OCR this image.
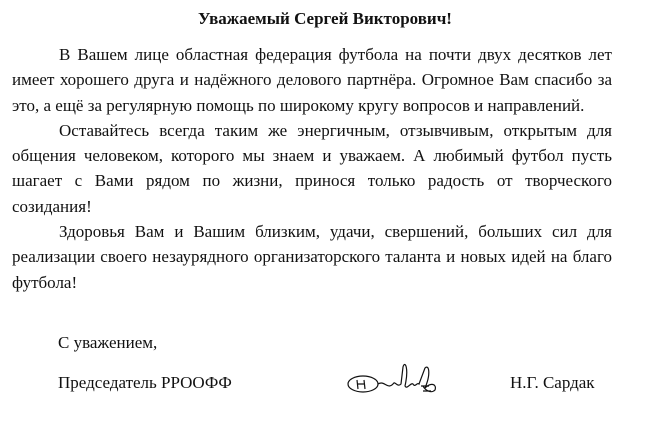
Уважаемый Сергей Викторович!

В Вашем лице областная федерация футбола на почти двух десятков лет имеет хорошего друга и надёжного делового партнёра. Огромное Вам спасибо за это, а ещё за регулярную помощь по широкому кругу вопросов и направлений.

Оставайтесь всегда таким же энергичным, отзывчивым, открытым для общения человеком, которого мы знаем и уважаем. А любимый футбол пусть шагает с Вами рядом по жизни, принося только радость от творческого созидания!

Здоровья Вам и Вашим близким, удачи, свершений, больших сил для реализации своего незаурядного организаторского таланта и новых идей на благо футбола!

С уважением,
Председатель РРООФФ	Н.Г. Сардак
